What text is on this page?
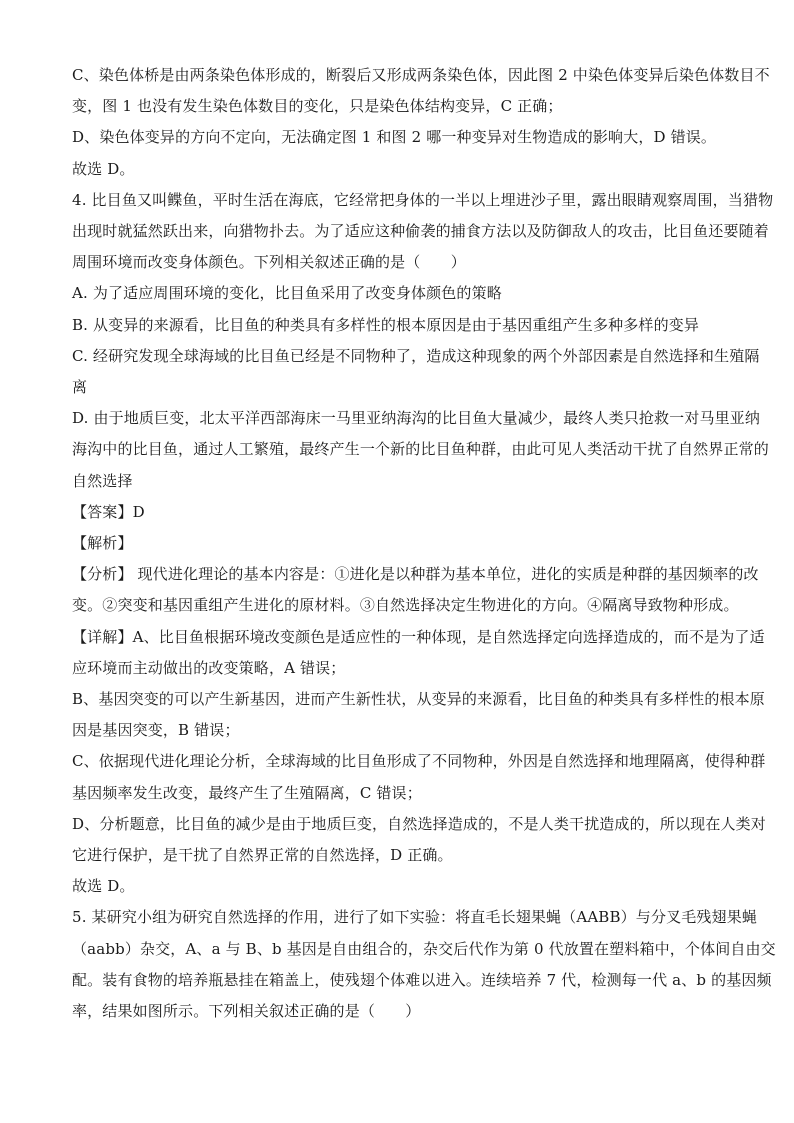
C、染色体桥是由两条染色体形成的，断裂后又形成两条染色体，因此图 2 中染色体变异后染色体数目不
变，图 1 也没有发生染色体数目的变化，只是染色体结构变异，C 正确；
D、染色体变异的方向不定向，无法确定图 1 和图 2 哪一种变异对生物造成的影响大，D 错误。
故选 D。
4. 比目鱼又叫鲽鱼，平时生活在海底，它经常把身体的一半以上埋进沙子里，露出眼睛观察周围，当猎物
出现时就猛然跃出来，向猎物扑去。为了适应这种偷袭的捕食方法以及防御敌人的攻击，比目鱼还要随着
周围环境而改变身体颜色。下列相关叙述正确的是（　　）
A. 为了适应周围环境的变化，比目鱼采用了改变身体颜色的策略
B. 从变异的来源看，比目鱼的种类具有多样性的根本原因是由于基因重组产生多种多样的变异
C. 经研究发现全球海域的比目鱼已经是不同物种了，造成这种现象的两个外部因素是自然选择和生殖隔
离
D. 由于地质巨变，北太平洋西部海床一马里亚纳海沟的比目鱼大量减少，最终人类只抢救一对马里亚纳
海沟中的比目鱼，通过人工繁殖，最终产生一个新的比目鱼种群，由此可见人类活动干扰了自然界正常的
自然选择
【答案】D
【解析】
【分析】 现代进化理论的基本内容是：①进化是以种群为基本单位，进化的实质是种群的基因频率的改
变。②突变和基因重组产生进化的原材料。③自然选择决定生物进化的方向。④隔离导致物种形成。
【详解】A、比目鱼根据环境改变颜色是适应性的一种体现，是自然选择定向选择造成的，而不是为了适
应环境而主动做出的改变策略，A 错误；
B、基因突变的可以产生新基因，进而产生新性状，从变异的来源看，比目鱼的种类具有多样性的根本原
因是基因突变，B 错误；
C、依据现代进化理论分析，全球海域的比目鱼形成了不同物种，外因是自然选择和地理隔离，使得种群
基因频率发生改变，最终产生了生殖隔离，C 错误；
D、分析题意，比目鱼的减少是由于地质巨变，自然选择造成的，不是人类干扰造成的，所以现在人类对
它进行保护，是干扰了自然界正常的自然选择，D 正确。
故选 D。
5. 某研究小组为研究自然选择的作用，进行了如下实验：将直毛长翅果蝇（AABB）与分叉毛残翅果蝇
（aabb）杂交，A、a 与 B、b 基因是自由组合的，杂交后代作为第 0 代放置在塑料箱中，个体间自由交
配。装有食物的培养瓶悬挂在箱盖上，使残翅个体难以进入。连续培养 7 代，检测每一代 a、b 的基因频
率，结果如图所示。下列相关叙述正确的是（　　）
